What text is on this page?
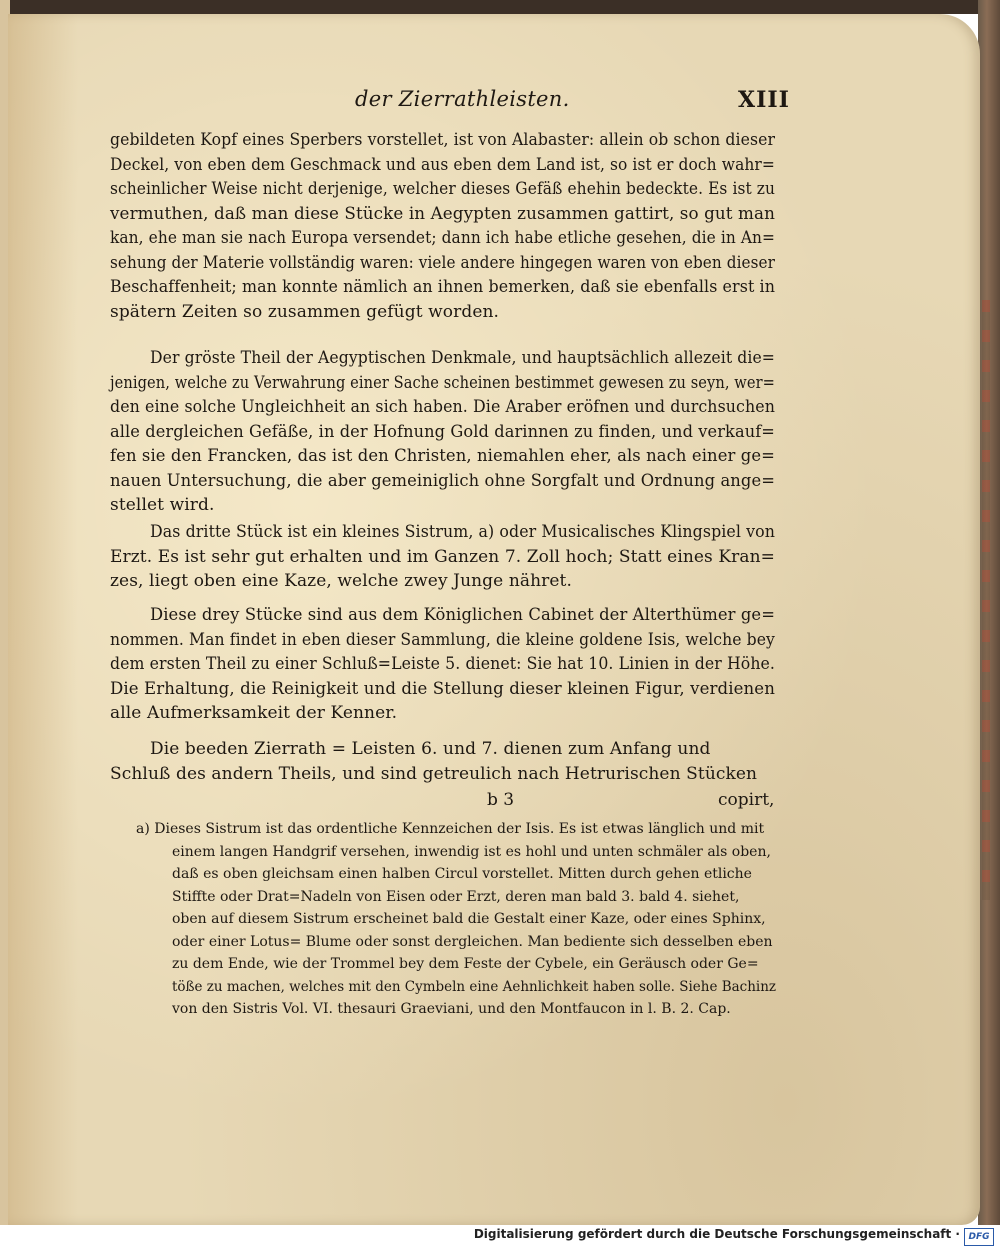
der Zierrathleisten.	XIII
gebildeten Kopf eines Sperbers vorstellet, ist von Alabaster: allein ob schon dieser
Deckel, von eben dem Geschmack und aus eben dem Land ist, so ist er doch wahr=
scheinlicher Weise nicht derjenige, welcher dieses Gefäß ehehin bedeckte. Es ist zu
vermuthen, daß man diese Stücke in Aegypten zusammen gattirt, so gut man
kan, ehe man sie nach Europa versendet; dann ich habe etliche gesehen, die in An=
sehung der Materie vollständig waren: viele andere hingegen waren von eben dieser
Beschaffenheit; man konnte nämlich an ihnen bemerken, daß sie ebenfalls erst in
spätern Zeiten so zusammen gefügt worden.
Der gröste Theil der Aegyptischen Denkmale, und hauptsächlich allezeit die=
jenigen, welche zu Verwahrung einer Sache scheinen bestimmet gewesen zu seyn, wer=
den eine solche Ungleichheit an sich haben. Die Araber eröfnen und durchsuchen
alle dergleichen Gefäße, in der Hofnung Gold darinnen zu finden, und verkauf=
fen sie den Francken, das ist den Christen, niemahlen eher, als nach einer ge=
nauen Untersuchung, die aber gemeiniglich ohne Sorgfalt und Ordnung ange=
stellet wird.
Das dritte Stück ist ein kleines Sistrum, a) oder Musicalisches Klingspiel von
Erzt. Es ist sehr gut erhalten und im Ganzen 7. Zoll hoch; Statt eines Kran=
zes, liegt oben eine Kaze, welche zwey Junge nähret.
Diese drey Stücke sind aus dem Königlichen Cabinet der Alterthümer ge=
nommen. Man findet in eben dieser Sammlung, die kleine goldene Isis, welche bey
dem ersten Theil zu einer Schluß=Leiste 5. dienet: Sie hat 10. Linien in der Höhe.
Die Erhaltung, die Reinigkeit und die Stellung dieser kleinen Figur, verdienen
alle Aufmerksamkeit der Kenner.
Die beeden Zierrath = Leisten 6. und 7. dienen zum Anfang und
Schluß des andern Theils, und sind getreulich nach Hetrurischen Stücken
b 3	copirt,
a) Dieses Sistrum ist das ordentliche Kennzeichen der Isis. Es ist etwas länglich und mit
einem langen Handgrif versehen, inwendig ist es hohl und unten schmäler als oben,
daß es oben gleichsam einen halben Circul vorstellet. Mitten durch gehen etliche
Stiffte oder Drat=Nadeln von Eisen oder Erzt, deren man bald 3. bald 4. siehet,
oben auf diesem Sistrum erscheinet bald die Gestalt einer Kaze, oder eines Sphinx,
oder einer Lotus= Blume oder sonst dergleichen. Man bediente sich desselben eben
zu dem Ende, wie der Trommel bey dem Feste der Cybele, ein Geräusch oder Ge=
töße zu machen, welches mit den Cymbeln eine Aehnlichkeit haben solle. Siehe Bachinz
von den Sistris Vol. VI. thesauri Graeviani, und den Montfaucon in l. B. 2. Cap.
Digitalisierung gefördert durch die Deutsche Forschungsgemeinschaft · DFG
